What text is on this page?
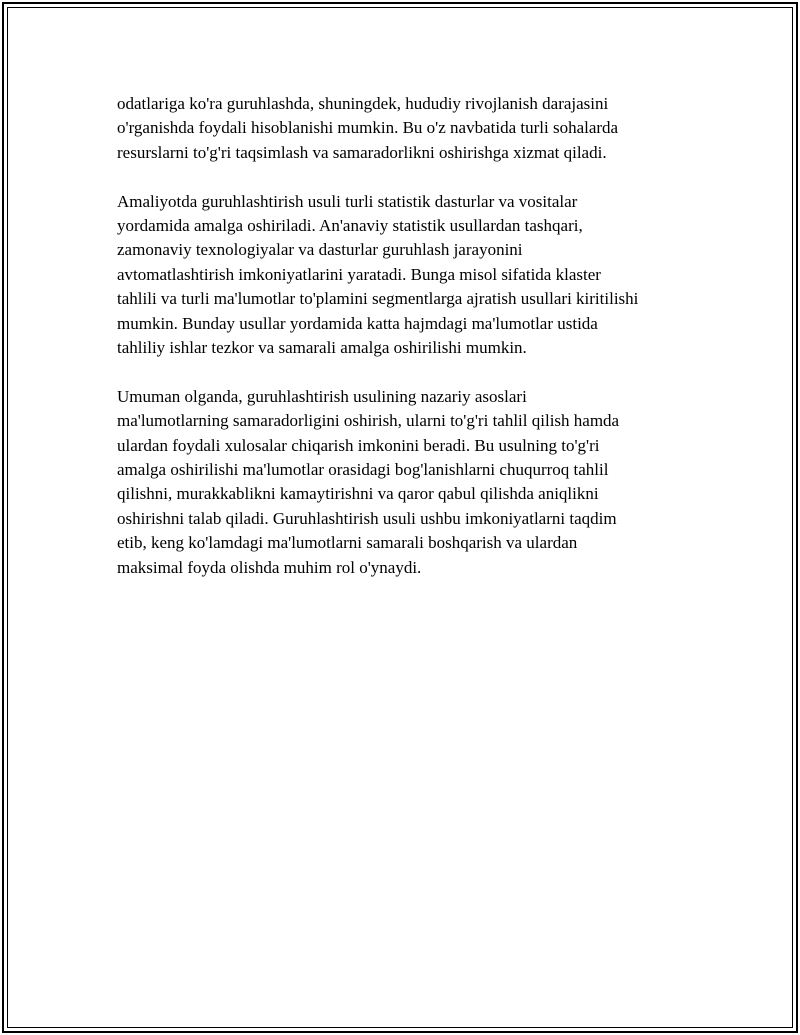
odatlariga ko'ra guruhlashda, shuningdek, hududiy rivojlanish darajasini
o'rganishda foydali hisoblanishi mumkin. Bu o'z navbatida turli sohalarda
resurslarni to'g'ri taqsimlash va samaradorlikni oshirishga xizmat qiladi.

Amaliyotda guruhlashtirish usuli turli statistik dasturlar va vositalar
yordamida amalga oshiriladi. An'anaviy statistik usullardan tashqari,
zamonaviy texnologiyalar va dasturlar guruhlash jarayonini
avtomatlashtirish imkoniyatlarini yaratadi. Bunga misol sifatida klaster
tahlili va turli ma'lumotlar to'plamini segmentlarga ajratish usullari kiritilishi
mumkin. Bunday usullar yordamida katta hajmdagi ma'lumotlar ustida
tahliliy ishlar tezkor va samarali amalga oshirilishi mumkin.

Umuman olganda, guruhlashtirish usulining nazariy asoslari
ma'lumotlarning samaradorligini oshirish, ularni to'g'ri tahlil qilish hamda
ulardan foydali xulosalar chiqarish imkonini beradi. Bu usulning to'g'ri
amalga oshirilishi ma'lumotlar orasidagi bog'lanishlarni chuqurroq tahlil
qilishni, murakkablikni kamaytirishni va qaror qabul qilishda aniqlikni
oshirishni talab qiladi. Guruhlashtirish usuli ushbu imkoniyatlarni taqdim
etib, keng ko'lamdagi ma'lumotlarni samarali boshqarish va ulardan
maksimal foyda olishda muhim rol o'ynaydi.
